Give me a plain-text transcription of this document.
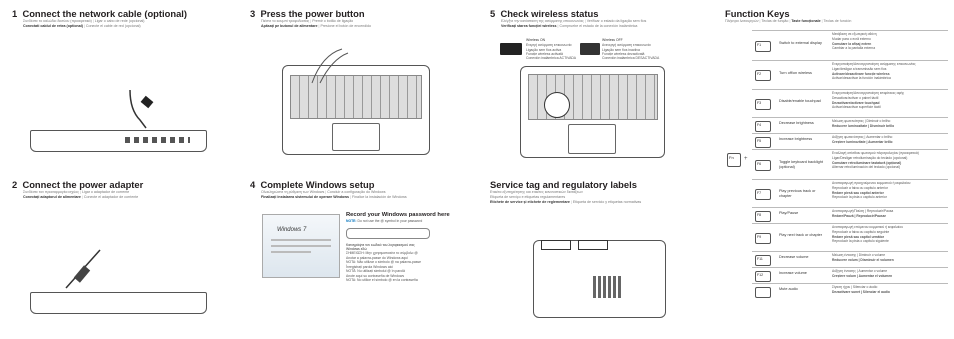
1 Connect the network cable (optional)
Συνδέστε το καλώδιο δικτύου (προαιρετικά) | Ligar o cabo de rede (opcional)
Conectati cablul de retea (optional) | Conecte el cable de red (opcional)
2 Connect the power adapter
Συνδέστε τον προσαρμογέα ισχύος | Ligar o adaptador de corrente
Conectați adaptorul de alimentare | Conecte el adaptador de corriente
3 Press the power button
Πιέστε το κουμπί τροφοδοσίας | Premir o botão de ligação
Apăsați pe butonul de alimentare | Presione el botón de encendido
4 Complete Windows setup
Ολοκληρώστε τη ρύθμιση των Windows | Concluir a configuração do Windows
Finalizați instalarea sistemului de operare Windows | Finalice la instalación de Windows
Windows 7
Record your Windows password here
NOTE: Do not use the @ symbol in your password
Καταγράψτε τον κωδικό του λογαριασμού σας
Windows εδώ
ΣΗΜΕΙΩΣΗ: Μην χρησιμοποιείτε το σύμβολο @
Anotar a palavra-passe do Windows aqui
NOTA: Não utilizar o símbolo @ na palavra-passe
Înregistrați parola Windows aici
NOTĂ: Nu utilizați simbolul @ în parolă
Anote aquí su contraseña de Windows
NOTA: No utilice el símbolo @ en la contraseña
5 Check wireless status
Ελέγξτε την κατάσταση της ασύρματης επικοινωνίας | Verificar o estado da ligação sem fios
Verificați starea funcției wireless | Compruebe el estado de la conexión inalámbrica
Wireless ON
Ενεργή ασύρματη επικοινωνία
Ligação sem fios activa
Funcție wireless activată
Conexión inalámbrica ACTIVADA
Wireless OFF
Ανενεργή ασύρματη επικοινωνία
Ligação sem fios inactiva
Funcție wireless dezactivată
Conexión inalámbrica DESACTIVADA
Service tag and regulatory labels
Ετικέτα εξυπηρέτησης και ετικέτες κανονιστικών διατάξεων
Etiqueta de serviço e etiquetas regulamentares
Etichete de service și etichete de reglementare | Etiqueta de servicio y etiquetas normativas
Function Keys
Πλήκτρα λειτουργιών | Teclas de função | Taste funcționale | Teclas de función
Fn	+
F1	Switch to external display
Μετάβαση σε εξωτερική οθόνη
Mudar para o ecrã externo
Comutare la afișaj extern
Cambiar a la pantalla externa
F2	Turn off/on wireless
Ενεργοποίηση/Απενεργοποίηση ασύρματης επικοινωνίας
Ligar/desligar a transmissão sem fios
Activare/dezactivare funcție wireless
Activar/desactivar la función inalámbrica
F3	Disable/enable touchpad
Ενεργοποίηση/Απενεργοποίηση επιφάνειας αφής
Desactivar/activar o painel táctil
Dezactivare/activare touchpad
Activar/desactivar superficie táctil
F4	Decrease brightness	Μείωση φωτεινότητας | Diminuir o brilho
Reducere luminozitate | Disminuir brillo
F5	Increase brightness	Αύξηση φωτεινότητας | Aumentar o brilho
Creștere luminozitate | Aumentar brillo
F6	Toggle keyboard backlight (optional)
Εναλλαγή οπίσθιου φωτισμού πληκτρολογίου (προαιρετικά)
Ligar/Desligar retroiluminação do teclado (opcional)
Comutare retroiluminare tastatură (opțional)
Alternar retroiluminación del teclado (opcional)
F7	Play previous track or chapter
Αναπαραγωγή προηγούμενου κομματιού ή κεφαλαίου
Reproduzir a faixa ou capítulo anterior
Redare piesă sau capitol anterior
Reproducir la pista o capítulo anterior
F8	Play/Pause	Αναπαραγωγή/Παύση | Reproduzir/Pausa
Redare/Pauză | Reproducir/Pausar
F9	Play next track or chapter
Αναπαραγωγή επόμενου κομματιού ή κεφαλαίου
Reproduzir a faixa ou capítulo seguinte
Redare piesă sau capitol următor
Reproducir la pista o capítulo siguiente
F11	Decrease volume	Μείωση έντασης | Diminuir o volume
Reducere volum | Disminuir el volumen
F12	Increase volume	Αύξηση έντασης | Aumentar o volume
Creștere volum | Aumentar el volumen
Mute audio	Σίγαση ήχου | Silenciar o áudio
Dezactivare sunet | Silenciar el audio
